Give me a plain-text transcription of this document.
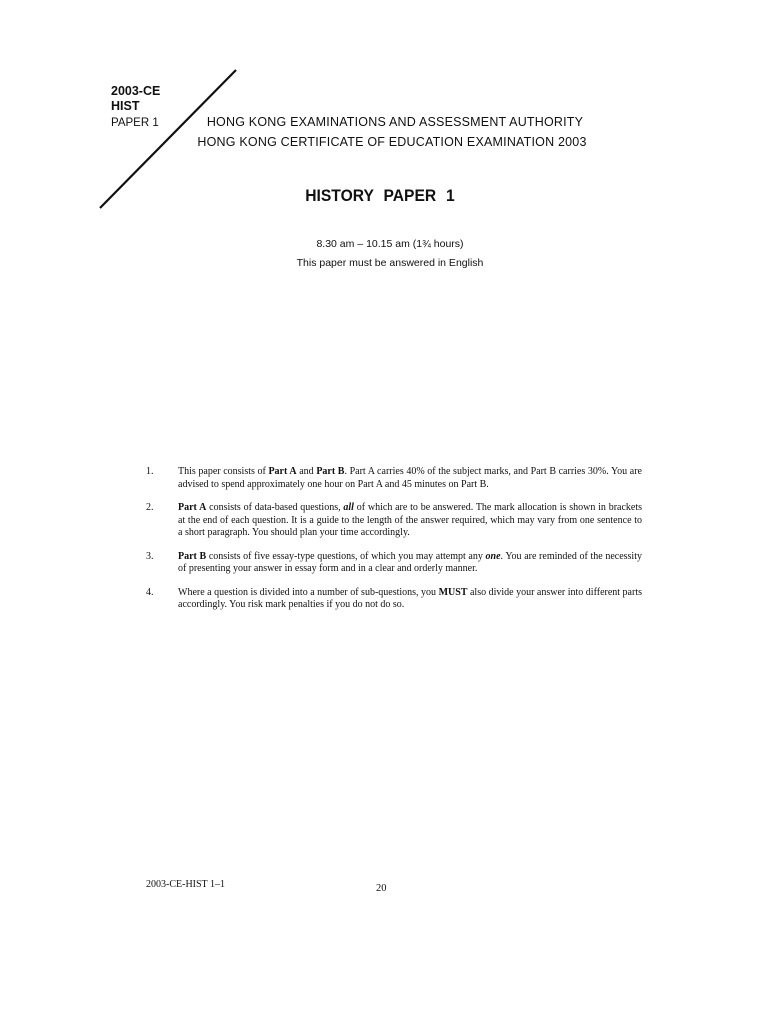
2003-CE
HIST
PAPER 1	HONG KONG EXAMINATIONS AND ASSESSMENT AUTHORITY
HONG KONG CERTIFICATE OF EDUCATION EXAMINATION 2003
HISTORY PAPER 1
8.30 am – 10.15 am (1¾ hours)
This paper must be answered in English
1.	This paper consists of Part A and Part B. Part A carries 40% of the subject marks, and Part B carries 30%. You are advised to spend approximately one hour on Part A and 45 minutes on Part B.
2.	Part A consists of data-based questions, all of which are to be answered. The mark allocation is shown in brackets at the end of each question. It is a guide to the length of the answer required, which may vary from one sentence to a short paragraph. You should plan your time accordingly.
3.	Part B consists of five essay-type questions, of which you may attempt any one. You are reminded of the necessity of presenting your answer in essay form and in a clear and orderly manner.
4.	Where a question is divided into a number of sub-questions, you MUST also divide your answer into different parts accordingly. You risk mark penalties if you do not do so.
2003-CE-HIST 1–1	20
